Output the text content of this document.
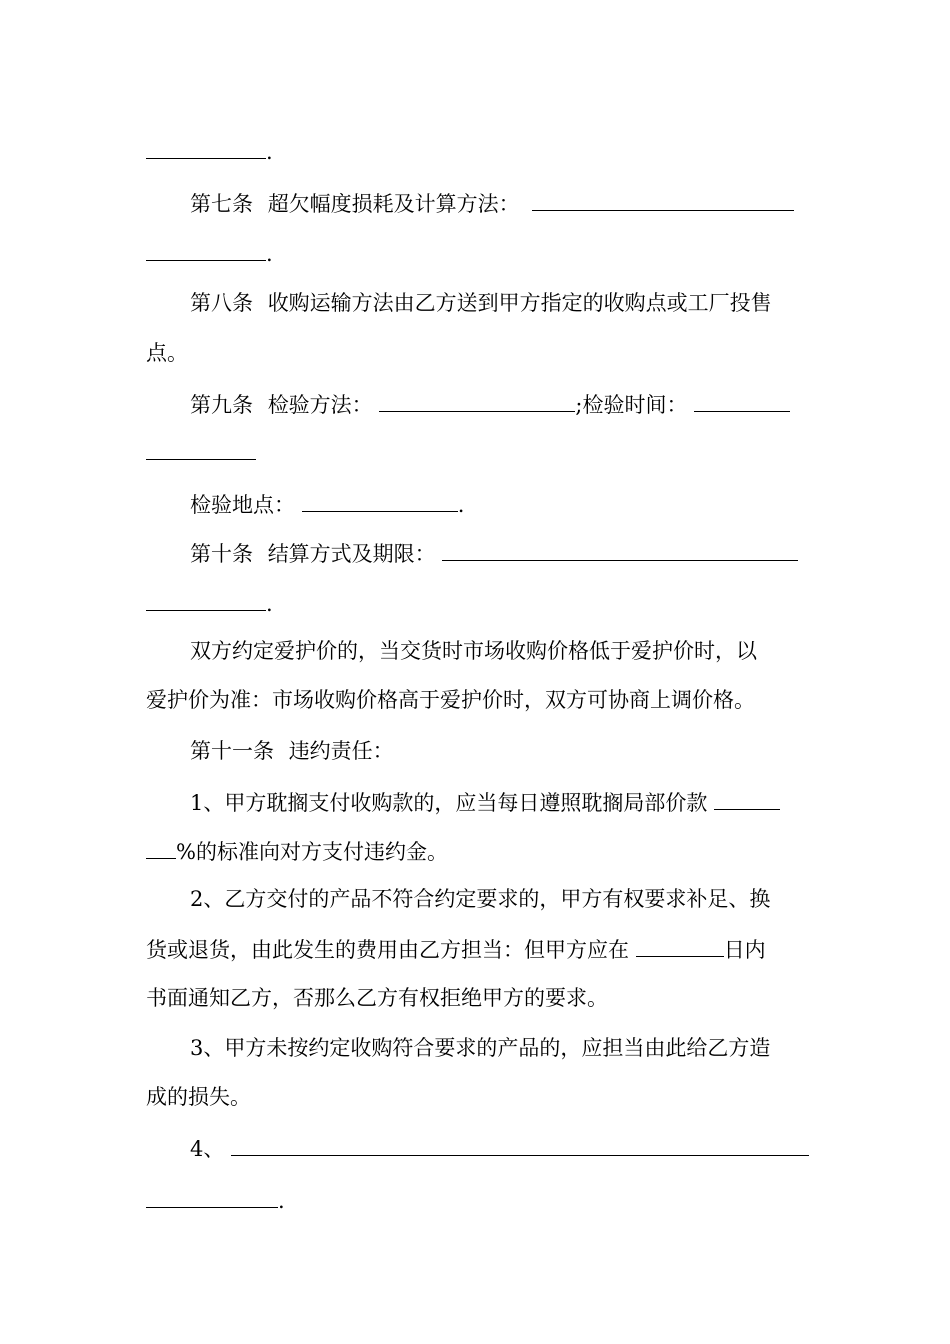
.
第七条 超欠幅度损耗及计算方法：
.
第八条 收购运输方法由乙方送到甲方指定的收购点或工厂投售
点。
第九条 检验方法：	;检验时间：
检验地点：	.
第十条 结算方式及期限：
.
双方约定爱护价的，当交货时市场收购价格低于爱护价时，以
爱护价为准：市场收购价格高于爱护价时，双方可协商上调价格。
第十一条 违约责任：
1、甲方耽搁支付收购款的，应当每日遵照耽搁局部价款
%的标准向对方支付违约金。
2、乙方交付的产品不符合约定要求的，甲方有权要求补足、换
货或退货，由此发生的费用由乙方担当：但甲方应在	日内
书面通知乙方，否那么乙方有权拒绝甲方的要求。
3、甲方未按约定收购符合要求的产品的，应担当由此给乙方造
成的损失。
4、
.
